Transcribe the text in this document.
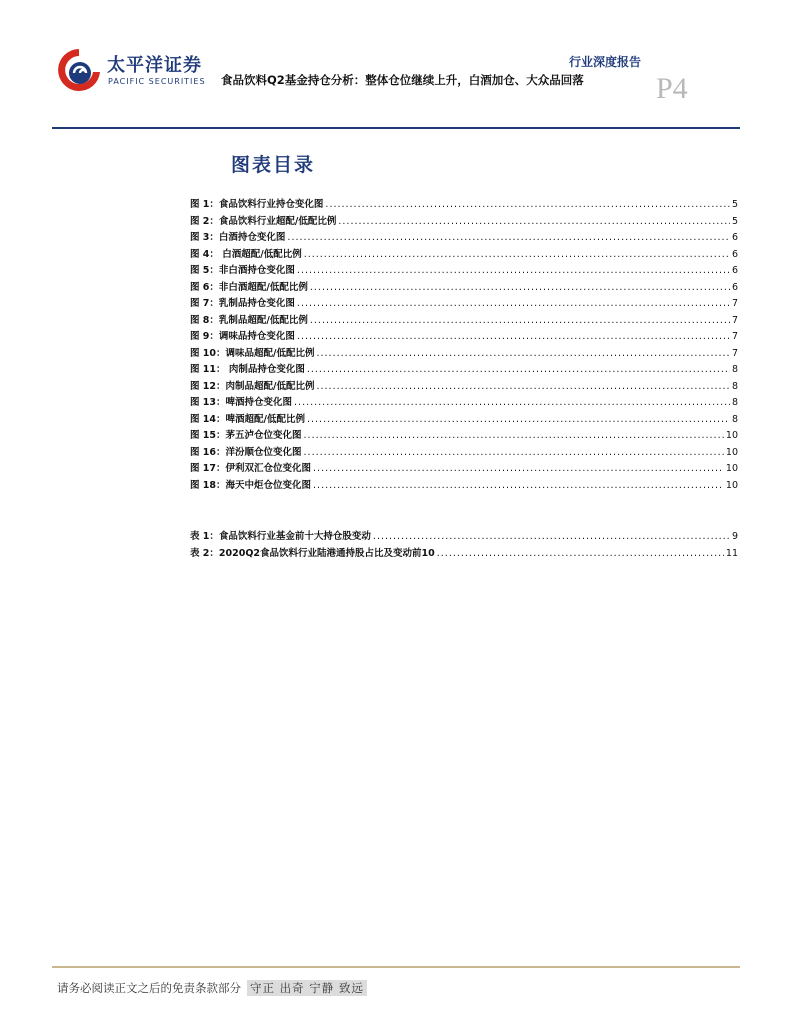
太平洋证券
PACIFIC SECURITIES
行业深度报告
食品饮料Q2基金持仓分析：整体仓位继续上升，白酒加仓、大众品回落 P4
图表目录
图 1：食品饮料行业持仓变化图 .....	5
图 2：食品饮料行业超配/低配比例 .....	5
图 3：白酒持仓变化图 .....	6
图 4： 白酒超配/低配比例 .....	6
图 5：非白酒持仓变化图 .....	6
图 6：非白酒超配/低配比例 .....	6
图 7：乳制品持仓变化图 .....	7
图 8：乳制品超配/低配比例 .....	7
图 9：调味品持仓变化图 .....	7
图 10：调味品超配/低配比例 .....	7
图 11： 肉制品持仓变化图 .....	8
图 12：肉制品超配/低配比例 .....	8
图 13：啤酒持仓变化图 .....	8
图 14：啤酒超配/低配比例 .....	8
图 15：茅五泸仓位变化图 .....	10
图 16：洋汾顺仓位变化图 .....	10
图 17：伊利双汇仓位变化图 .....	10
图 18：海天中炬仓位变化图 .....	10
表 1：食品饮料行业基金前十大持仓股变动 .....	9
表 2：2020Q2食品饮料行业陆港通持股占比及变动前10 .....	11
请务必阅读正文之后的免责条款部分 守正 出奇 宁静 致远
